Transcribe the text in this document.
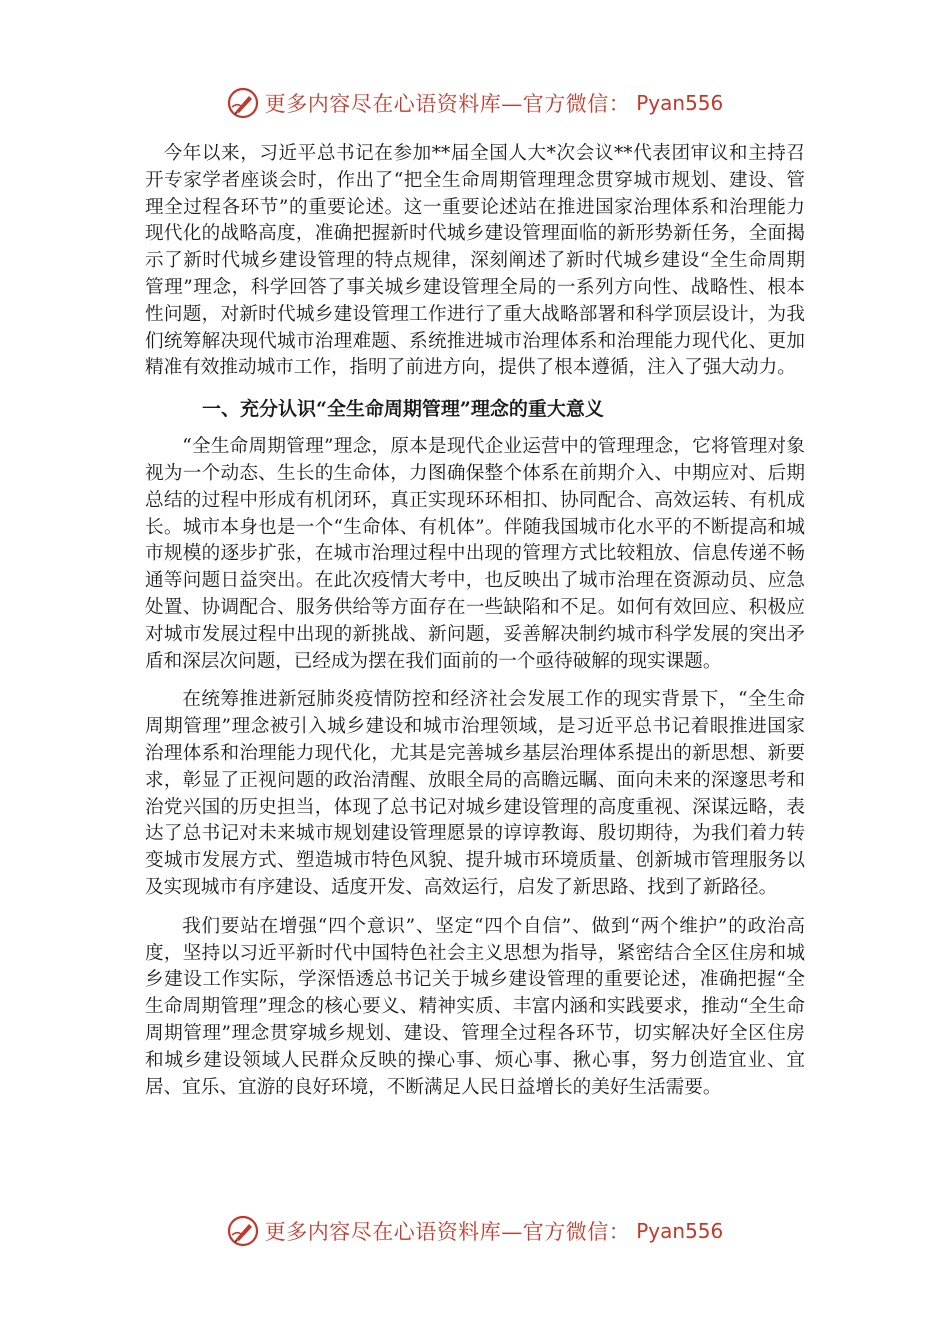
更多内容尽在心语资料库—官方微信： Pyan556

今年以来，习近平总书记在参加**届全国人大*次会议**代表团审议和主持召开专家学者座谈会时，作出了“把全生命周期管理理念贯穿城市规划、建设、管理全过程各环节”的重要论述。这一重要论述站在推进国家治理体系和治理能力现代化的战略高度，准确把握新时代城乡建设管理面临的新形势新任务，全面揭示了新时代城乡建设管理的特点规律，深刻阐述了新时代城乡建设“全生命周期管理”理念，科学回答了事关城乡建设管理全局的一系列方向性、战略性、根本性问题，对新时代城乡建设管理工作进行了重大战略部署和科学顶层设计，为我们统筹解决现代城市治理难题、系统推进城市治理体系和治理能力现代化、更加精准有效推动城市工作，指明了前进方向，提供了根本遵循，注入了强大动力。

一、充分认识“全生命周期管理”理念的重大意义

“全生命周期管理”理念，原本是现代企业运营中的管理理念，它将管理对象视为一个动态、生长的生命体，力图确保整个体系在前期介入、中期应对、后期总结的过程中形成有机闭环，真正实现环环相扣、协同配合、高效运转、有机成长。城市本身也是一个“生命体、有机体”。伴随我国城市化水平的不断提高和城市规模的逐步扩张，在城市治理过程中出现的管理方式比较粗放、信息传递不畅通等问题日益突出。在此次疫情大考中，也反映出了城市治理在资源动员、应急处置、协调配合、服务供给等方面存在一些缺陷和不足。如何有效回应、积极应对城市发展过程中出现的新挑战、新问题，妥善解决制约城市科学发展的突出矛盾和深层次问题，已经成为摆在我们面前的一个亟待破解的现实课题。

在统筹推进新冠肺炎疫情防控和经济社会发展工作的现实背景下，“全生命周期管理”理念被引入城乡建设和城市治理领域，是习近平总书记着眼推进国家治理体系和治理能力现代化，尤其是完善城乡基层治理体系提出的新思想、新要求，彰显了正视问题的政治清醒、放眼全局的高瞻远瞩、面向未来的深邃思考和治党兴国的历史担当，体现了总书记对城乡建设管理的高度重视、深谋远略，表达了总书记对未来城市规划建设管理愿景的谆谆教诲、殷切期待，为我们着力转变城市发展方式、塑造城市特色风貌、提升城市环境质量、创新城市管理服务以及实现城市有序建设、适度开发、高效运行，启发了新思路、找到了新路径。

我们要站在增强“四个意识”、坚定“四个自信”、做到“两个维护”的政治高度，坚持以习近平新时代中国特色社会主义思想为指导，紧密结合全区住房和城乡建设工作实际，学深悟透总书记关于城乡建设管理的重要论述，准确把握“全生命周期管理”理念的核心要义、精神实质、丰富内涵和实践要求，推动“全生命周期管理”理念贯穿城乡规划、建设、管理全过程各环节，切实解决好全区住房和城乡建设领域人民群众反映的操心事、烦心事、揪心事，努力创造宜业、宜居、宜乐、宜游的良好环境，不断满足人民日益增长的美好生活需要。

更多内容尽在心语资料库—官方微信： Pyan556
